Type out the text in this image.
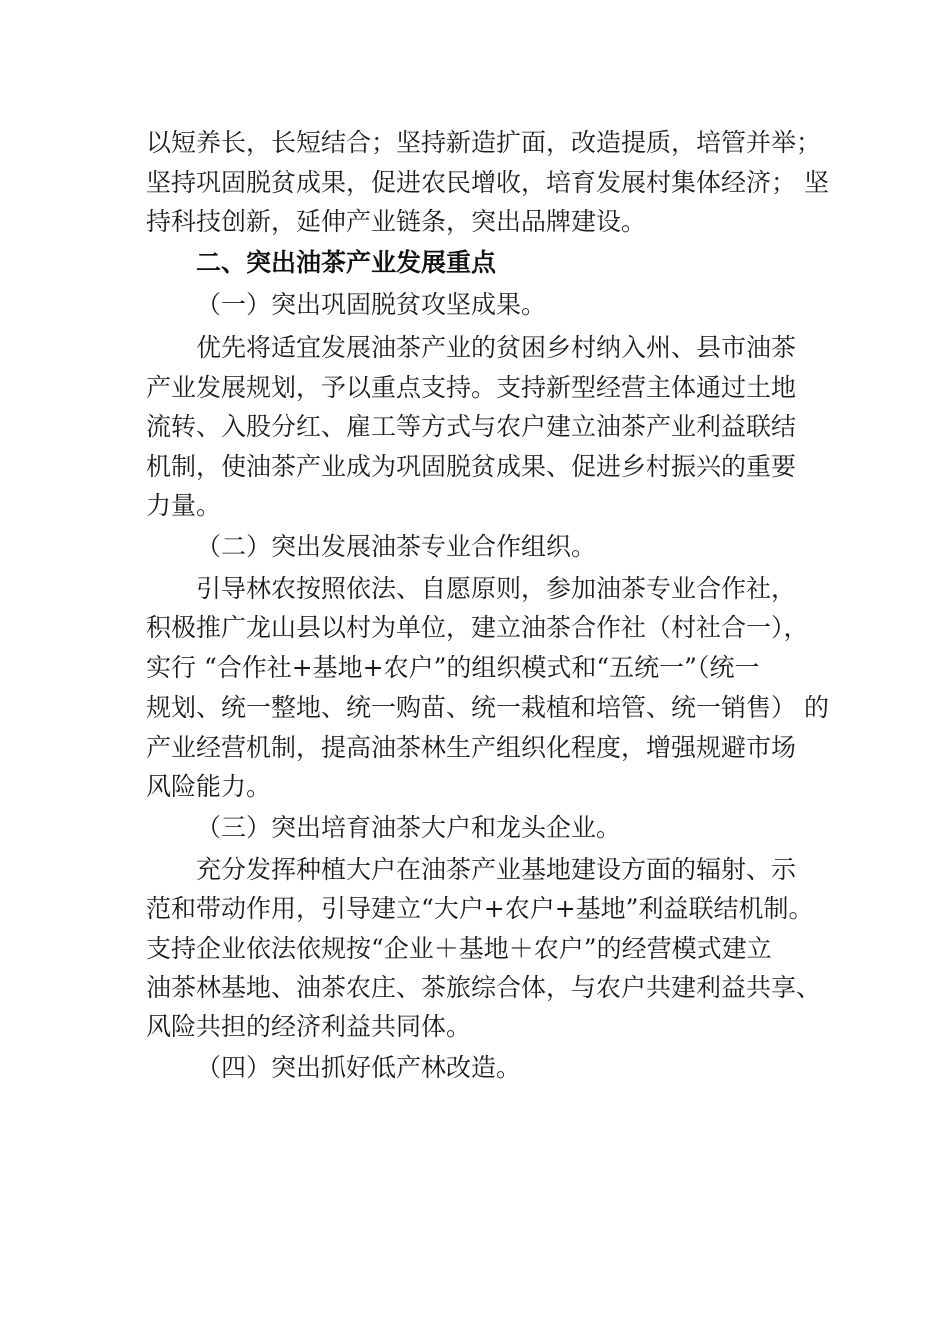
以短养长，长短结合；坚持新造扩面，改造提质，培管并举；
坚持巩固脱贫成果，促进农民增收，培育发展村集体经济； 坚
持科技创新，延伸产业链条，突出品牌建设。
二、突出油茶产业发展重点
（一）突出巩固脱贫攻坚成果。
优先将适宜发展油茶产业的贫困乡村纳入州、县市油茶
产业发展规划，予以重点支持。支持新型经营主体通过土地
流转、入股分红、雇工等方式与农户建立油茶产业利益联结
机制，使油茶产业成为巩固脱贫成果、促进乡村振兴的重要
力量。
（二）突出发展油茶专业合作组织。
引导林农按照依法、自愿原则，参加油茶专业合作社，
积极推广龙山县以村为单位，建立油茶合作社（村社合一），
实行 “合作社+基地+农户”的组织模式和“五统一”（统一
规划、统一整地、统一购苗、统一栽植和培管、统一销售） 的
产业经营机制，提高油茶林生产组织化程度，增强规避市场
风险能力。
（三）突出培育油茶大户和龙头企业。
充分发挥种植大户在油茶产业基地建设方面的辐射、示
范和带动作用，引导建立“大户+农户+基地”利益联结机制。
支持企业依法依规按“企业＋基地＋农户”的经营模式建立
油茶林基地、油茶农庄、茶旅综合体，与农户共建利益共享、
风险共担的经济利益共同体。
（四）突出抓好低产林改造。
